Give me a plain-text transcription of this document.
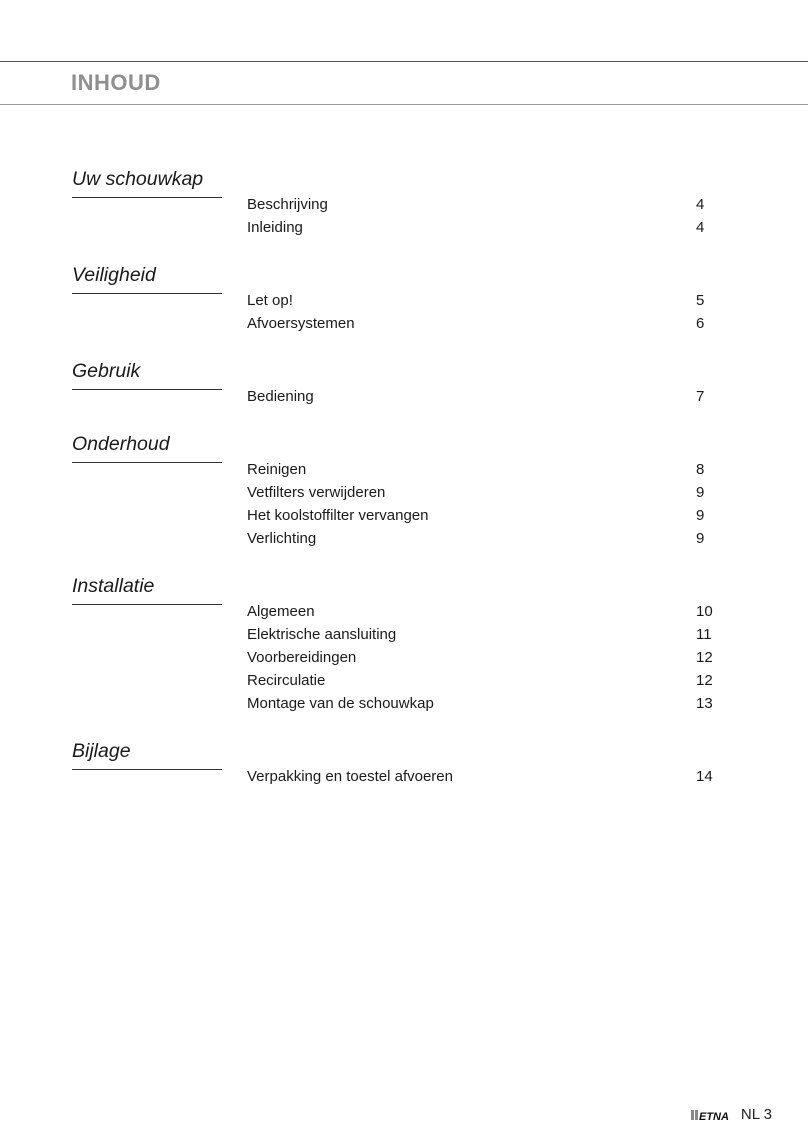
INHOUD
Uw schouwkap
Beschrijving	4
Inleiding	4
Veiligheid
Let op!	5
Afvoersystemen	6
Gebruik
Bediening	7
Onderhoud
Reinigen	8
Vetfilters verwijderen	9
Het koolstoffilter vervangen	9
Verlichting	9
Installatie
Algemeen	10
Elektrische aansluiting	11
Voorbereidingen	12
Recirculatie	12
Montage van de schouwkap	13
Bijlage
Verpakking en toestel afvoeren	14
ETNA NL 3
